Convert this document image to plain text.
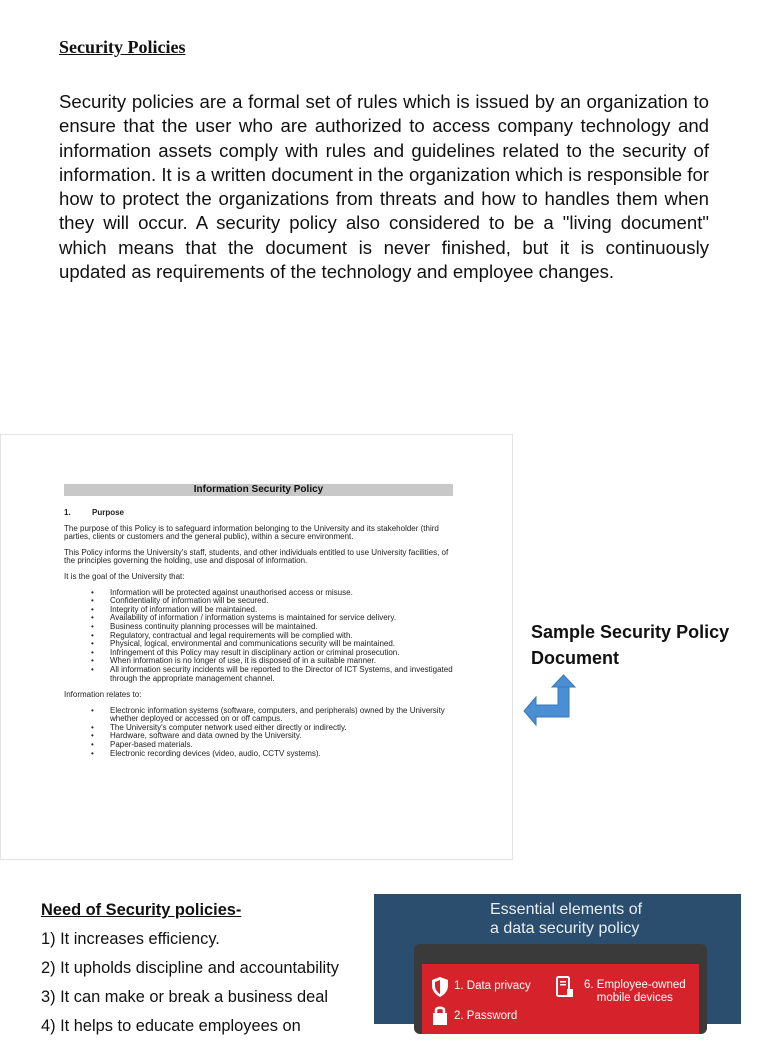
Security Policies
Security policies are a formal set of rules which is issued by an organization to ensure that the user who are authorized to access company technology and information assets comply with rules and guidelines related to the security of information. It is a written document in the organization which is responsible for how to protect the organizations from threats and how to handles them when they will occur. A security policy also considered to be a "living document" which means that the document is never finished, but it is continuously updated as requirements of the technology and employee changes.
Information Security Policy
1.	Purpose

The purpose of this Policy is to safeguard information belonging to the University and its stakeholder (third parties, clients or customers and the general public), within a secure environment.

This Policy informs the University's staff, students, and other individuals entitled to use University facilities, of the principles governing the holding, use and disposal of information.

It is the goal of the University that:

• Information will be protected against unauthorised access or misuse.
• Confidentiality of information will be secured.
• Integrity of information will be maintained.
• Availability of information / information systems is maintained for service delivery.
• Business continuity planning processes will be maintained.
• Regulatory, contractual and legal requirements will be complied with.
• Physical, logical, environmental and communications security will be maintained.
• Infringement of this Policy may result in disciplinary action or criminal prosecution.
• When information is no longer of use, it is disposed of in a suitable manner.
• All information security incidents will be reported to the Director of ICT Systems, and investigated through the appropriate management channel.

Information relates to:

• Electronic information systems (software, computers, and peripherals) owned by the University whether deployed or accessed on or off campus.
• The University's computer network used either directly or indirectly.
• Hardware, software and data owned by the University.
• Paper-based materials.
• Electronic recording devices (video, audio, CCTV systems).
Sample Security Policy Document
Need of Security policies-
1) It increases efficiency.
2) It upholds discipline and accountability
3) It can make or break a business deal
4) It helps to educate employees on
Essential elements of
a data security policy
1. Data privacy
2. Password
6. Employee-owned
mobile devices
